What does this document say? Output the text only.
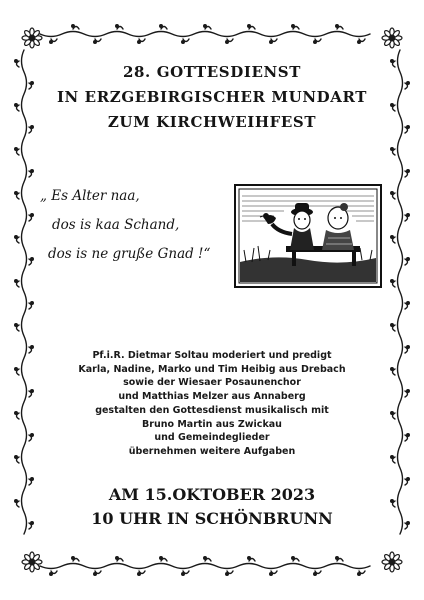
28. GOTTESDIENST
IN ERZGEBIRGISCHER MUNDART
ZUM KIRCHWEIHFEST
„ Es Alter naa,
dos is kaa Schand,
dos is ne gruße Gnad !“
Pf.i.R. Dietmar Soltau moderiert und predigt
Karla, Nadine, Marko und Tim Heibig aus Drebach
sowie der Wiesaer Posaunenchor
und Matthias Melzer aus Annaberg
gestalten den Gottesdienst musikalisch mit
Bruno Martin aus Zwickau
und Gemeindeglieder
übernehmen weitere Aufgaben
AM 15.OKTOBER 2023
10 UHR IN SCHÖNBRUNN
